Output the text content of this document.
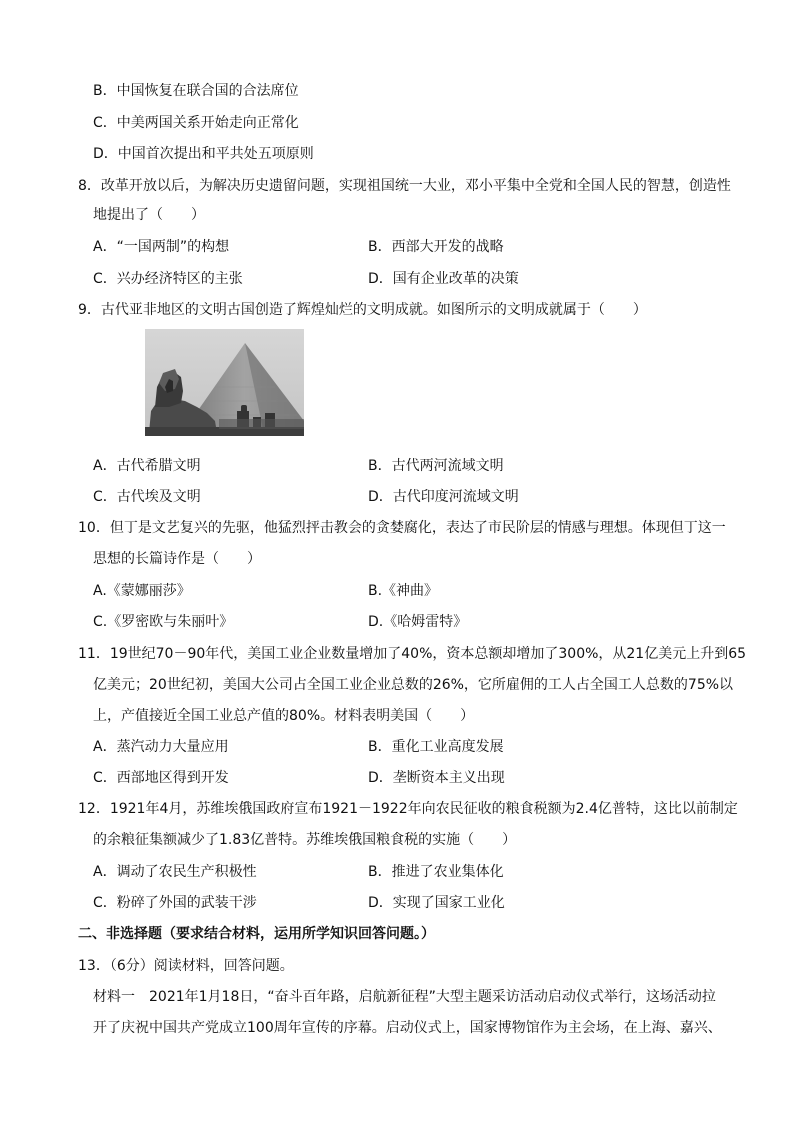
B．中国恢复在联合国的合法席位
C．中美两国关系开始走向正常化
D．中国首次提出和平共处五项原则
8．改革开放以后，为解决历史遗留问题，实现祖国统一大业，邓小平集中全党和全国人民的智慧，创造性
地提出了（　　）
A．“一国两制”的构想	B．西部大开发的战略
C．兴办经济特区的主张	D．国有企业改革的决策
9．古代亚非地区的文明古国创造了辉煌灿烂的文明成就。如图所示的文明成就属于（　　）
A．古代希腊文明	B．古代两河流域文明
C．古代埃及文明	D．古代印度河流域文明
10．但丁是文艺复兴的先驱，他猛烈抨击教会的贪婪腐化，表达了市民阶层的情感与理想。体现但丁这一
思想的长篇诗作是（　　）
A.《蒙娜丽莎》	B.《神曲》
C.《罗密欧与朱丽叶》	D.《哈姆雷特》
11．19世纪70－90年代，美国工业企业数量增加了40%，资本总额却增加了300%，从21亿美元上升到65
亿美元；20世纪初，美国大公司占全国工业企业总数的26%，它所雇佣的工人占全国工人总数的75%以
上，产值接近全国工业总产值的80%。材料表明美国（　　）
A．蒸汽动力大量应用	B．重化工业高度发展
C．西部地区得到开发	D．垄断资本主义出现
12．1921年4月，苏维埃俄国政府宣布1921－1922年向农民征收的粮食税额为2.4亿普特，这比以前制定
的余粮征集额减少了1.83亿普特。苏维埃俄国粮食税的实施（　　）
A．调动了农民生产积极性	B．推进了农业集体化
C．粉碎了外国的武装干涉	D．实现了国家工业化
二、非选择题（要求结合材料，运用所学知识回答问题。）
13．（6分）阅读材料，回答问题。
材料一　2021年1月18日，“奋斗百年路，启航新征程”大型主题采访活动启动仪式举行，这场活动拉
开了庆祝中国共产党成立100周年宣传的序幕。启动仪式上，国家博物馆作为主会场，在上海、嘉兴、
